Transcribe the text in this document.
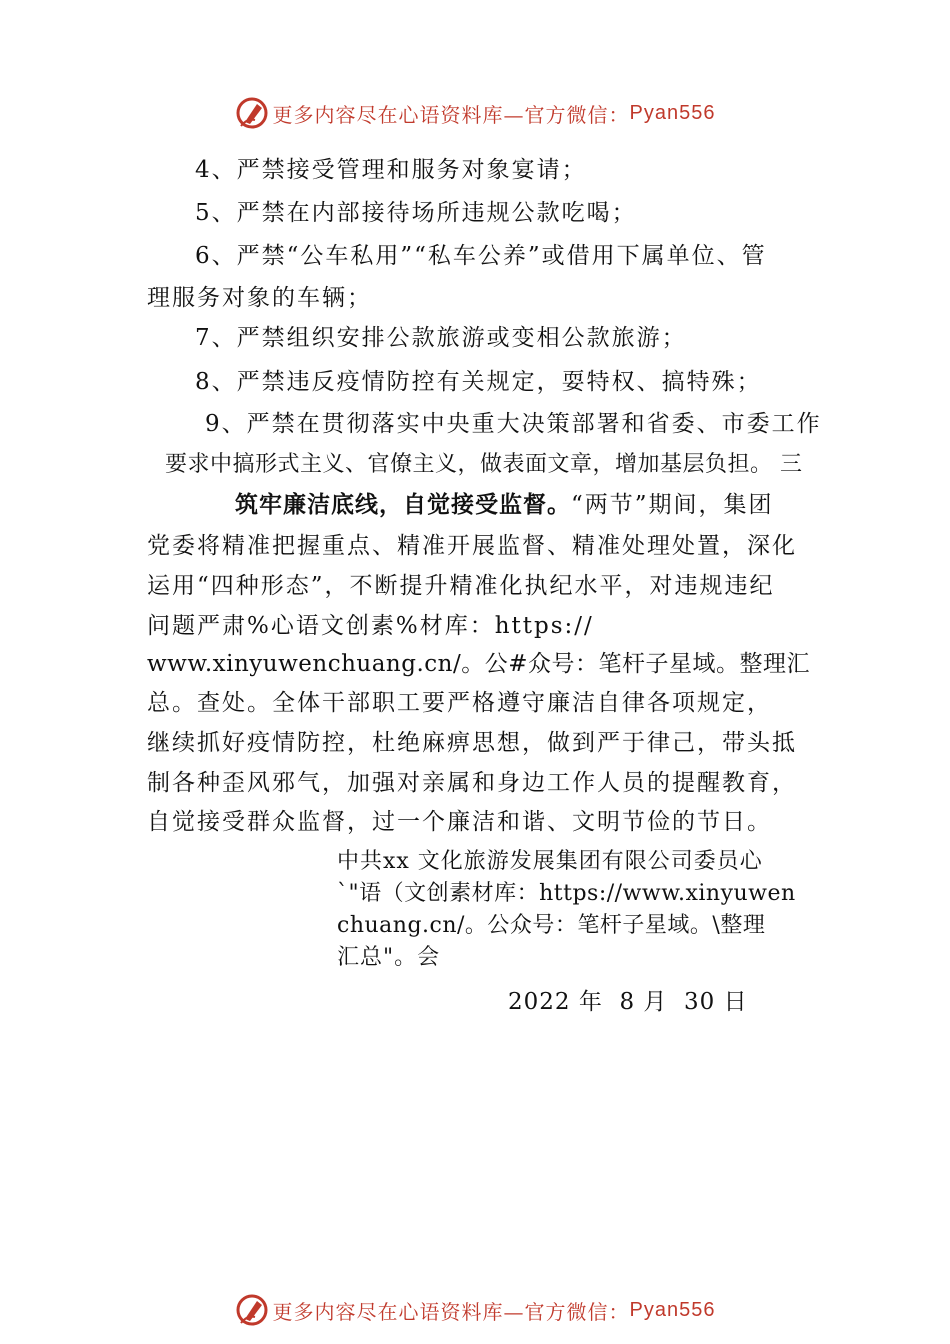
更多内容尽在心语资料库—官方微信： Pyan556
4、严禁接受管理和服务对象宴请；
5、严禁在内部接待场所违规公款吃喝；
6、严禁“公车私用”“私车公养”或借用下属单位、管
理服务对象的车辆；
7、严禁组织安排公款旅游或变相公款旅游；
8、严禁违反疫情防控有关规定，耍特权、搞特殊；
9、严禁在贯彻落实中央重大决策部署和省委、市委工作
要求中搞形式主义、官僚主义，做表面文章，增加基层负担。 三
筑牢廉洁底线，自觉接受监督。“两节”期间，集团
党委将精准把握重点、精准开展监督、精准处理处置，深化
运用“四种形态”，不断提升精准化执纪水平，对违规违纪
问题严肃%心语文创素%材库：https://
www.xinyuwenchuang.cn/。公#众号：笔杆子星域。整理汇
总。查处。全体干部职工要严格遵守廉洁自律各项规定，
继续抓好疫情防控，杜绝麻痹思想，做到严于律己，带头抵
制各种歪风邪气，加强对亲属和身边工作人员的提醒教育，
自觉接受群众监督，过一个廉洁和谐、文明节俭的节日。
中共xx 文化旅游发展集团有限公司委员心
`"语（文创素材库：https://www.xinyuwen
chuang.cn/。公众号：笔杆子星域。\整理
汇总"。会
2022 年  8 月  30 日
更多内容尽在心语资料库—官方微信： Pyan556
